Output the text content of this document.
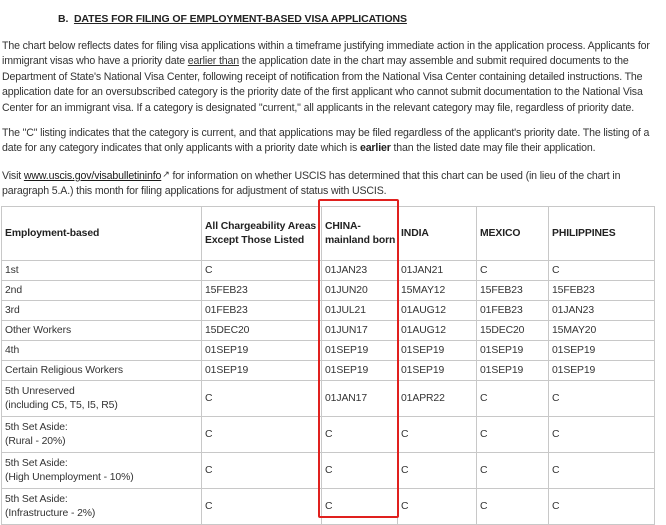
B. DATES FOR FILING OF EMPLOYMENT-BASED VISA APPLICATIONS

The chart below reflects dates for filing visa applications within a timeframe justifying immediate action in the application process. Applicants for immigrant visas who have a priority date earlier than the application date in the chart may assemble and submit required documents to the Department of State's National Visa Center, following receipt of notification from the National Visa Center containing detailed instructions. The application date for an oversubscribed category is the priority date of the first applicant who cannot submit documentation to the National Visa Center for an immigrant visa. If a category is designated "current," all applicants in the relevant category may file, regardless of priority date.

The "C" listing indicates that the category is current, and that applications may be filed regardless of the applicant's priority date. The listing of a date for any category indicates that only applicants with a priority date which is earlier than the listed date may file their application.

Visit www.uscis.gov/visabulletininfo↗ for information on whether USCIS has determined that this chart can be used (in lieu of the chart in paragraph 5.A.) this month for filing applications for adjustment of status with USCIS.

Employment-based	All Chargeability Areas Except Those Listed	CHINA-mainland born	INDIA	MEXICO	PHILIPPINES
1st	C	01JAN23	01JAN21	C	C
2nd	15FEB23	01JUN20	15MAY12	15FEB23	15FEB23
3rd	01FEB23	01JUL21	01AUG12	01FEB23	01JAN23
Other Workers	15DEC20	01JUN17	01AUG12	15DEC20	15MAY20
4th	01SEP19	01SEP19	01SEP19	01SEP19	01SEP19
Certain Religious Workers	01SEP19	01SEP19	01SEP19	01SEP19	01SEP19
5th Unreserved
(including C5, T5, I5, R5)	C	01JAN17	01APR22	C	C
5th Set Aside:
(Rural - 20%)	C	C	C	C	C
5th Set Aside:
(High Unemployment - 10%)	C	C	C	C	C
5th Set Aside:
(Infrastructure - 2%)	C	C	C	C	C
